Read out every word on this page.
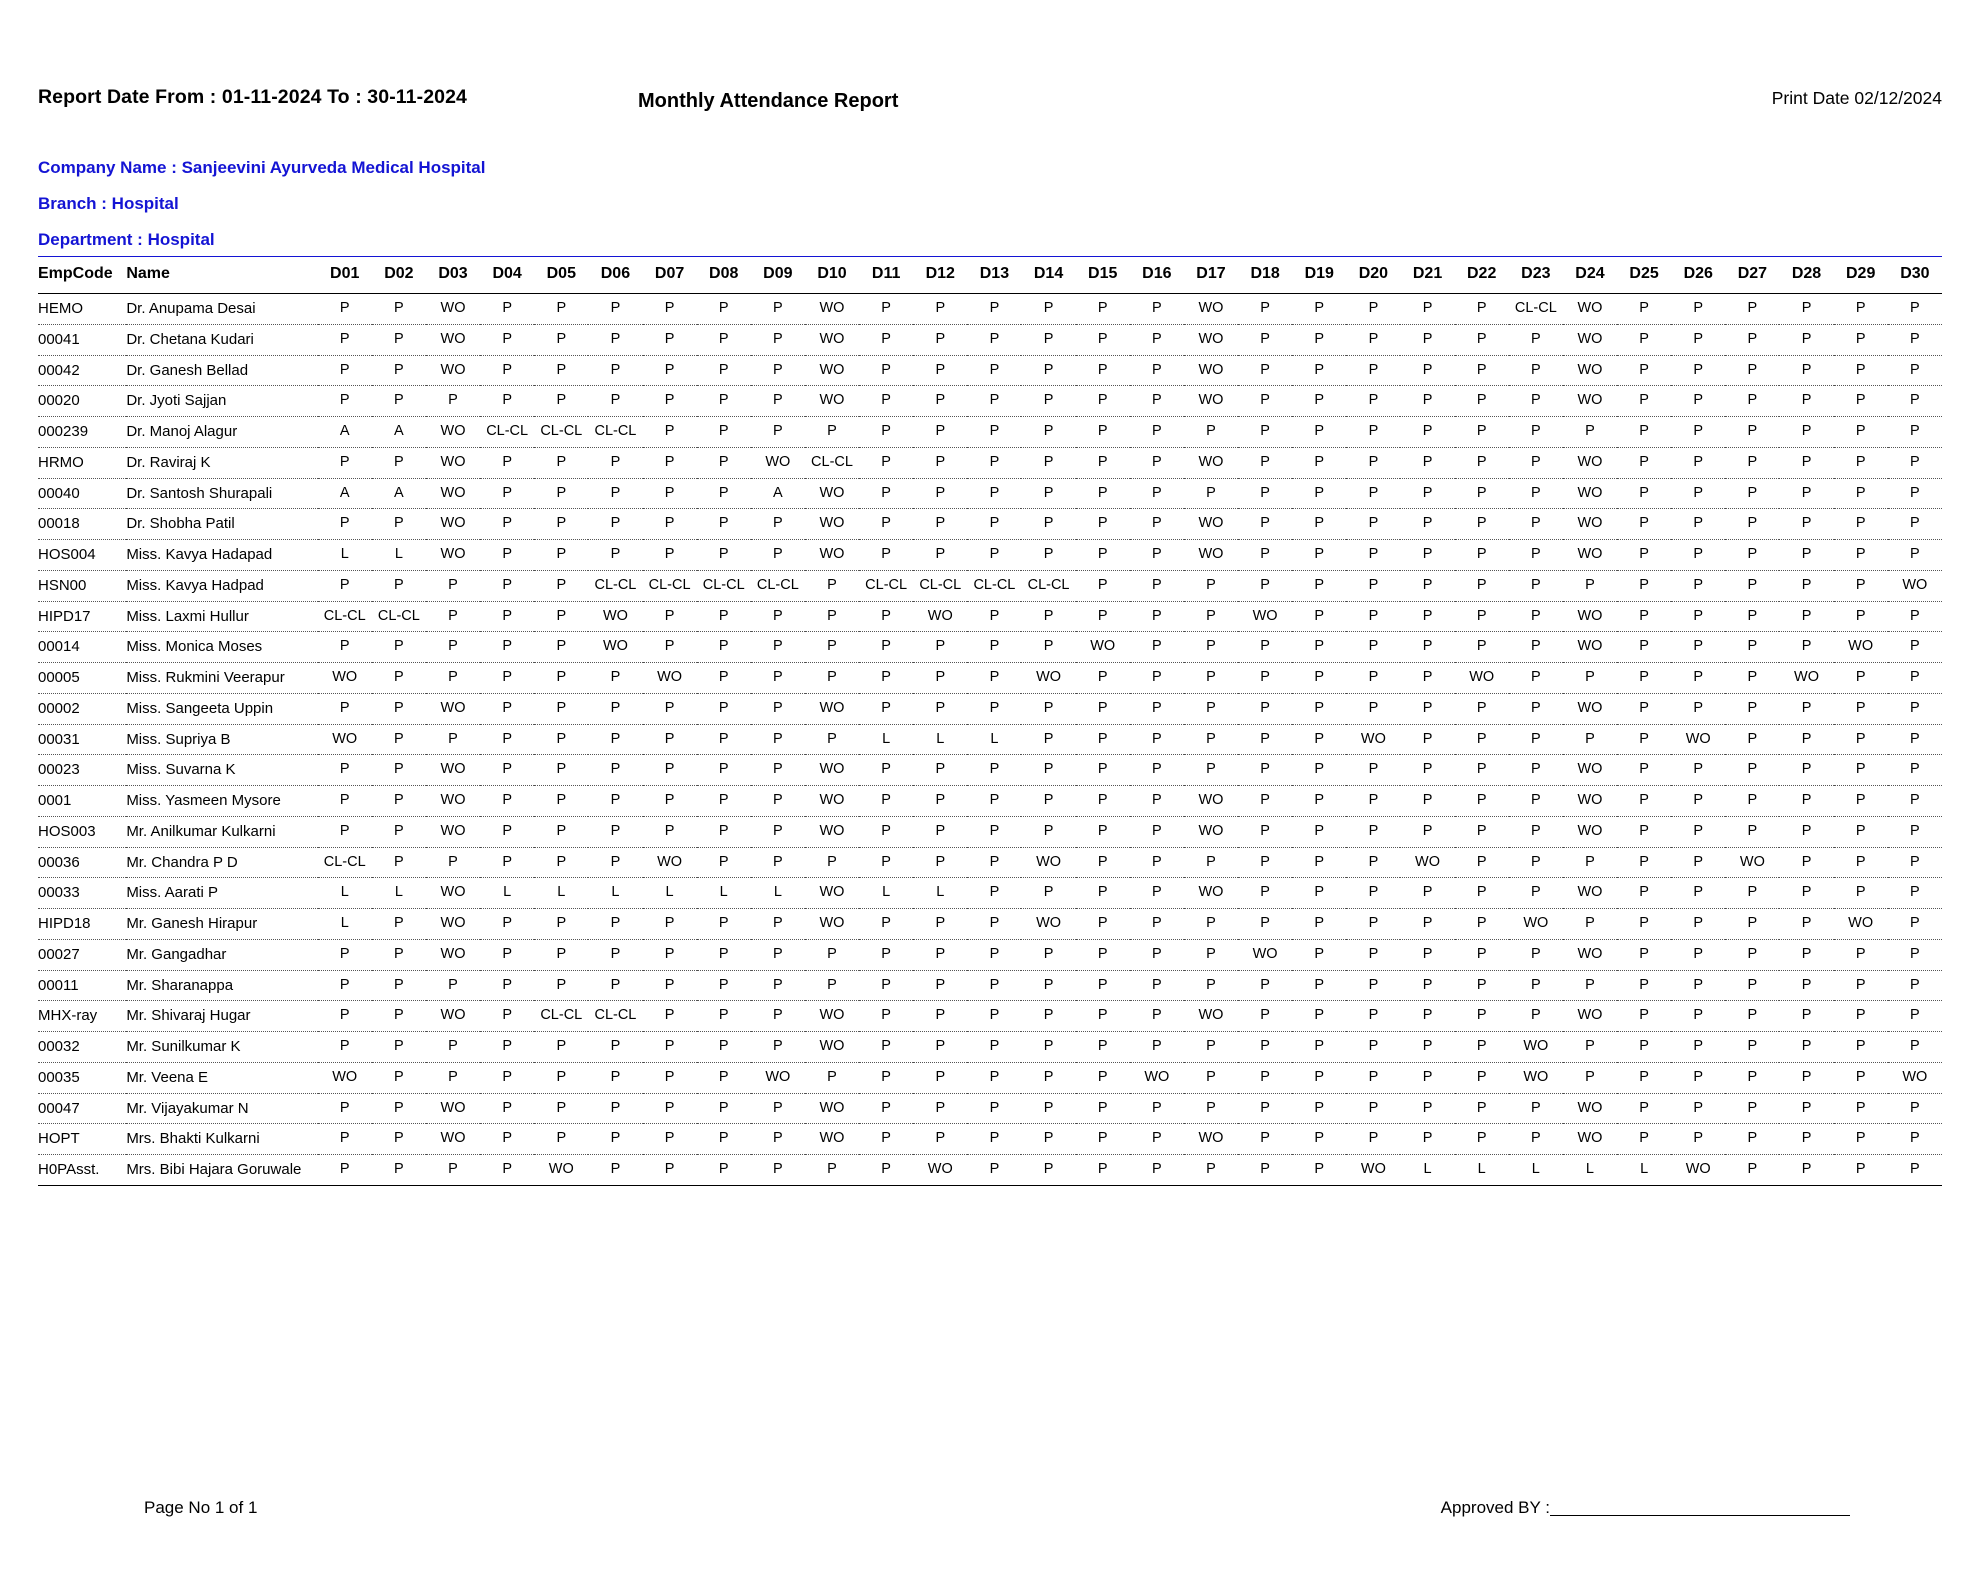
Report Date From : 01-11-2024 To : 30-11-2024	Monthly Attendance Report	Print Date 02/12/2024
Company Name : Sanjeevini Ayurveda Medical Hospital
Branch : Hospital
Department : Hospital
EmpCode	Name	D01	D02	D03	D04	D05	D06	D07	D08	D09	D10	D11	D12	D13	D14	D15	D16	D17	D18	D19	D20	D21	D22	D23	D24	D25	D26	D27	D28	D29	D30
HEMO	Dr. Anupama Desai	P	P	WO	P	P	P	P	P	P	WO	P	P	P	P	P	P	WO	P	P	P	P	P	CL-CL	WO	P	P	P	P	P	P
00041	Dr. Chetana Kudari	P	P	WO	P	P	P	P	P	P	WO	P	P	P	P	P	P	WO	P	P	P	P	P	P	WO	P	P	P	P	P	P
00042	Dr. Ganesh Bellad	P	P	WO	P	P	P	P	P	P	WO	P	P	P	P	P	P	WO	P	P	P	P	P	P	WO	P	P	P	P	P	P
00020	Dr. Jyoti Sajjan	P	P	P	P	P	P	P	P	P	WO	P	P	P	P	P	P	WO	P	P	P	P	P	P	WO	P	P	P	P	P	P
000239	Dr. Manoj Alagur	A	A	WO	CL-CL	CL-CL	CL-CL	P	P	P	P	P	P	P	P	P	P	P	P	P	P	P	P	P	P	P	P	P	P	P	P
HRMO	Dr. Raviraj K	P	P	WO	P	P	P	P	P	WO	CL-CL	P	P	P	P	P	P	WO	P	P	P	P	P	P	WO	P	P	P	P	P	P
00040	Dr. Santosh Shurapali	A	A	WO	P	P	P	P	P	A	WO	P	P	P	P	P	P	P	P	P	P	P	P	P	WO	P	P	P	P	P	P
00018	Dr. Shobha Patil	P	P	WO	P	P	P	P	P	P	WO	P	P	P	P	P	P	WO	P	P	P	P	P	P	WO	P	P	P	P	P	P
HOS004	Miss. Kavya Hadapad	L	L	WO	P	P	P	P	P	P	WO	P	P	P	P	P	P	WO	P	P	P	P	P	P	WO	P	P	P	P	P	P
HSN00	Miss. Kavya Hadpad	P	P	P	P	P	CL-CL	CL-CL	CL-CL	CL-CL	P	CL-CL	CL-CL	CL-CL	CL-CL	P	P	P	P	P	P	P	P	P	P	P	P	P	P	P	WO
HIPD17	Miss. Laxmi Hullur	CL-CL	CL-CL	P	P	P	WO	P	P	P	P	P	WO	P	P	P	P	P	WO	P	P	P	P	P	WO	P	P	P	P	P	P
00014	Miss. Monica Moses	P	P	P	P	P	WO	P	P	P	P	P	P	P	P	WO	P	P	P	P	P	P	P	P	WO	P	P	P	P	WO	P
00005	Miss. Rukmini Veerapur	WO	P	P	P	P	P	WO	P	P	P	P	P	P	WO	P	P	P	P	P	P	P	WO	P	P	P	P	P	WO	P	P
00002	Miss. Sangeeta Uppin	P	P	WO	P	P	P	P	P	P	WO	P	P	P	P	P	P	P	P	P	P	P	P	P	WO	P	P	P	P	P	P
00031	Miss. Supriya B	WO	P	P	P	P	P	P	P	P	P	L	L	L	P	P	P	P	P	P	WO	P	P	P	P	P	WO	P	P	P	P
00023	Miss. Suvarna K	P	P	WO	P	P	P	P	P	P	WO	P	P	P	P	P	P	P	P	P	P	P	P	P	WO	P	P	P	P	P	P
0001	Miss. Yasmeen Mysore	P	P	WO	P	P	P	P	P	P	WO	P	P	P	P	P	P	WO	P	P	P	P	P	P	WO	P	P	P	P	P	P
HOS003	Mr. Anilkumar Kulkarni	P	P	WO	P	P	P	P	P	P	WO	P	P	P	P	P	P	WO	P	P	P	P	P	P	WO	P	P	P	P	P	P
00036	Mr. Chandra P D	CL-CL	P	P	P	P	P	WO	P	P	P	P	P	P	WO	P	P	P	P	P	P	WO	P	P	P	P	P	WO	P	P	P
00033	Miss. Aarati P	L	L	WO	L	L	L	L	L	L	WO	L	L	P	P	P	P	WO	P	P	P	P	P	P	WO	P	P	P	P	P	P
HIPD18	Mr. Ganesh Hirapur	L	P	WO	P	P	P	P	P	P	WO	P	P	P	WO	P	P	P	P	P	P	P	P	WO	P	P	P	P	P	WO	P
00027	Mr. Gangadhar	P	P	WO	P	P	P	P	P	P	P	P	P	P	P	P	P	P	WO	P	P	P	P	P	WO	P	P	P	P	P	P
00011	Mr. Sharanappa	P	P	P	P	P	P	P	P	P	P	P	P	P	P	P	P	P	P	P	P	P	P	P	P	P	P	P	P	P	P
MHX-ray	Mr. Shivaraj Hugar	P	P	WO	P	CL-CL	CL-CL	P	P	P	WO	P	P	P	P	P	P	WO	P	P	P	P	P	P	WO	P	P	P	P	P	P
00032	Mr. Sunilkumar K	P	P	P	P	P	P	P	P	P	WO	P	P	P	P	P	P	P	P	P	P	P	P	WO	P	P	P	P	P	P	P
00035	Mr. Veena E	WO	P	P	P	P	P	P	P	WO	P	P	P	P	P	P	WO	P	P	P	P	P	P	WO	P	P	P	P	P	P	WO
00047	Mr. Vijayakumar N	P	P	WO	P	P	P	P	P	P	WO	P	P	P	P	P	P	P	P	P	P	P	P	P	WO	P	P	P	P	P	P
HOPT	Mrs. Bhakti Kulkarni	P	P	WO	P	P	P	P	P	P	WO	P	P	P	P	P	P	WO	P	P	P	P	P	P	WO	P	P	P	P	P	P
H0PAsst.	Mrs. Bibi Hajara Goruwale	P	P	P	P	WO	P	P	P	P	P	P	WO	P	P	P	P	P	P	P	WO	L	L	L	L	L	WO	P	P	P	P
Page No 1 of 1	Approved BY :
